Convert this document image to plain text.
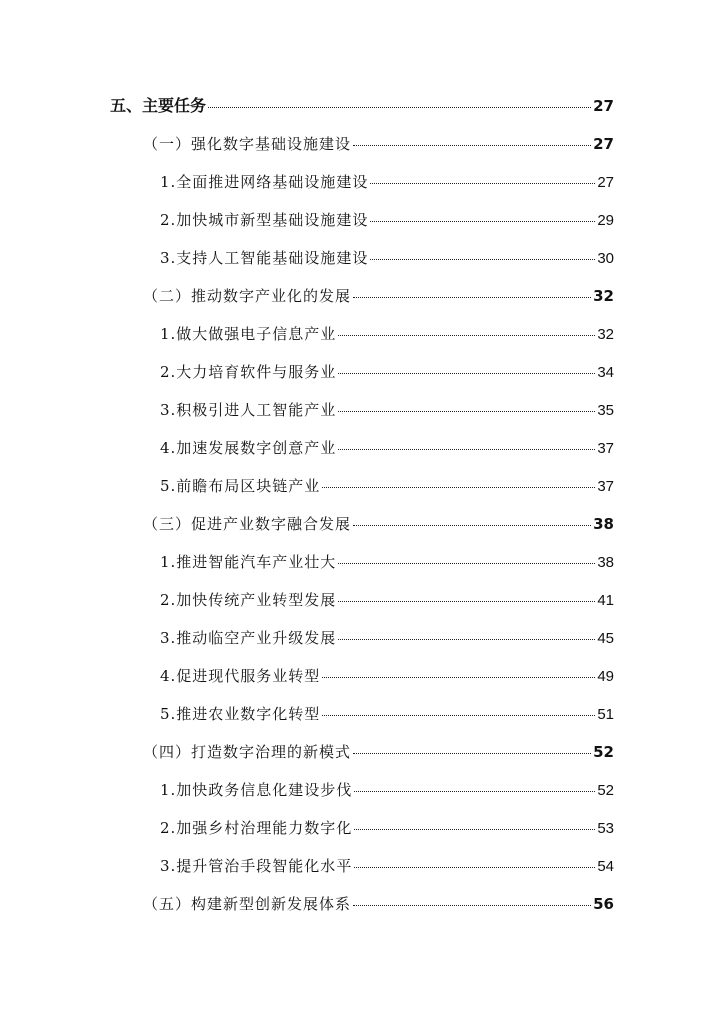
五、主要任务	27
（一）强化数字基础设施建设	27
1.全面推进网络基础设施建设	27
2.加快城市新型基础设施建设	29
3.支持人工智能基础设施建设	30
（二）推动数字产业化的发展	32
1.做大做强电子信息产业	32
2.大力培育软件与服务业	34
3.积极引进人工智能产业	35
4.加速发展数字创意产业	37
5.前瞻布局区块链产业	37
（三）促进产业数字融合发展	38
1.推进智能汽车产业壮大	38
2.加快传统产业转型发展	41
3.推动临空产业升级发展	45
4.促进现代服务业转型	49
5.推进农业数字化转型	51
（四）打造数字治理的新模式	52
1.加快政务信息化建设步伐	52
2.加强乡村治理能力数字化	53
3.提升管治手段智能化水平	54
（五）构建新型创新发展体系	56
